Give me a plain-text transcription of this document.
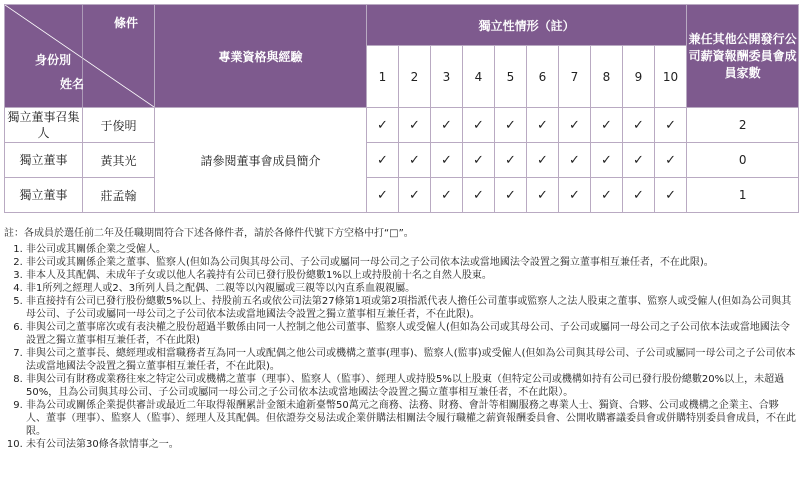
條件
身份別
姓名		專業資格與經驗	獨立性情形（註）										兼任其他公開發行公司薪資報酬委員會成員家數
			1	2	3	4	5	6	7	8	9	10	
獨立董事召集人	于俊明	請參閱董事會成員簡介	✓	✓	✓	✓	✓	✓	✓	✓	✓	✓	2
獨立董事	黃其光		✓	✓	✓	✓	✓	✓	✓	✓	✓	✓	0
獨立董事	莊孟翰		✓	✓	✓	✓	✓	✓	✓	✓	✓	✓	1
註：各成員於選任前二年及任職期間符合下述各條件者，請於各條件代號下方空格中打“□”。
1. 非公司或其關係企業之受僱人。
2. 非公司或其關係企業之董事、監察人(但如為公司與其母公司、子公司或屬同一母公司之子公司依本法或當地國法令設置之獨立董事相互兼任者，不在此限)。
3. 非本人及其配偶、未成年子女或以他人名義持有公司已發行股份總數1%以上或持股前十名之自然人股東。
4. 非1所列之經理人或2、3所列人員之配偶、二親等以內親屬或三親等以內直系血親親屬。
5. 非直接持有公司已發行股份總數5%以上、持股前五名或依公司法第27條第1項或第2項指派代表人擔任公司董事或監察人之法人股東之董事、監察人或受僱人(但如為公司與其母公司、子公司或屬同一母公司之子公司依本法或當地國法令設置之獨立董事相互兼任者，不在此限)。
6. 非與公司之董事席次或有表決權之股份超過半數係由同一人控制之他公司董事、監察人或受僱人(但如為公司或其母公司、子公司或屬同一母公司之子公司依本法或當地國法令設置之獨立董事相互兼任者，不在此限)
7. 非與公司之董事長、總經理或相當職務者互為同一人或配偶之他公司或機構之董事(理事)、監察人(監事)或受僱人(但如為公司與其母公司、子公司或屬同一母公司之子公司依本法或當地國法令設置之獨立董事相互兼任者，不在此限)。
8. 非與公司有財務或業務往來之特定公司或機構之董事（理事）、監察人（監事）、經理人或持股5%以上股東（但特定公司或機構如持有公司已發行股份總數20%以上，未超過50%，且為公司與其母公司、子公司或屬同一母公司之子公司依本法或當地國法令設置之獨立董事相互兼任者，不在此限）。
9. 非為公司或關係企業提供審計或最近二年取得報酬累計金額未逾新臺幣50萬元之商務、法務、財務、會計等相關服務之專業人士、獨資、合夥、公司或機構之企業主、合夥人、董事（理事）、監察人（監事）、經理人及其配偶。但依證券交易法或企業併購法相關法令履行職權之薪資報酬委員會、公開收購審議委員會或併購特別委員會成員，不在此限。
10. 未有公司法第30條各款情事之一。
